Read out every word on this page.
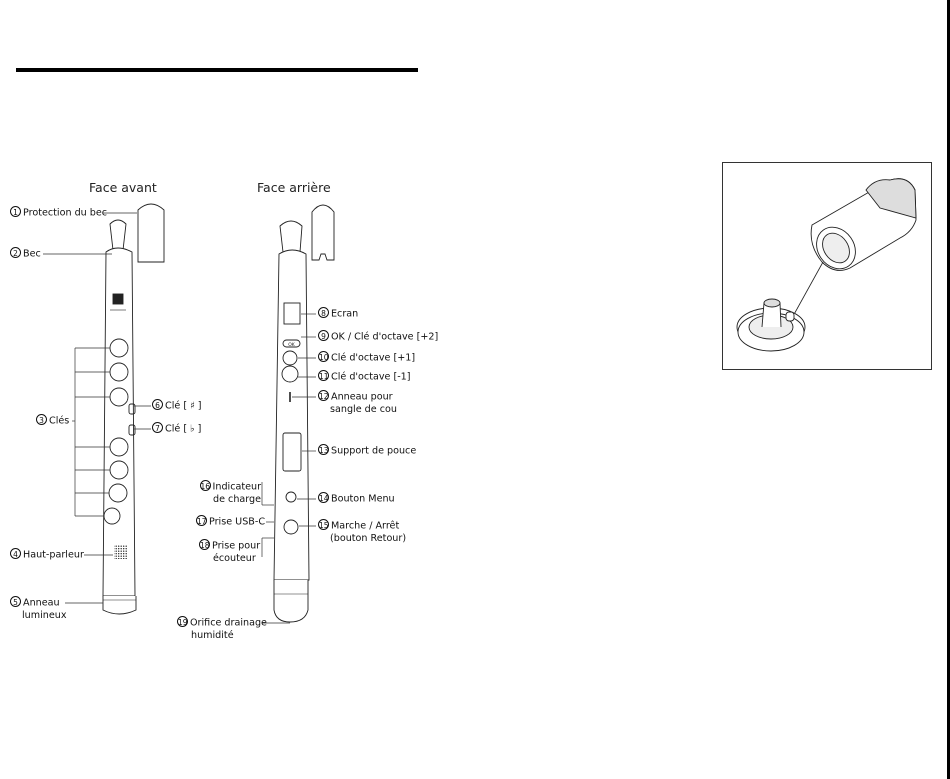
Face avant	Face arrière
OK
1 Protection du bec
2 Bec
3 Clés
4 Haut-parleur
5 Anneau
lumineux
6 Clé [ ♯ ]
7 Clé [ ♭ ]
8 Ecran
9 OK / Clé d'octave [+2]
10 Clé d'octave [+1]
11 Clé d'octave [-1]
12 Anneau pour
sangle de cou
13 Support de pouce
14 Bouton Menu
15 Marche / Arrêt
(bouton Retour)
16 Indicateur
de charge
17 Prise USB-C
18 Prise pour
écouteur
19 Orifice drainage
humidité
